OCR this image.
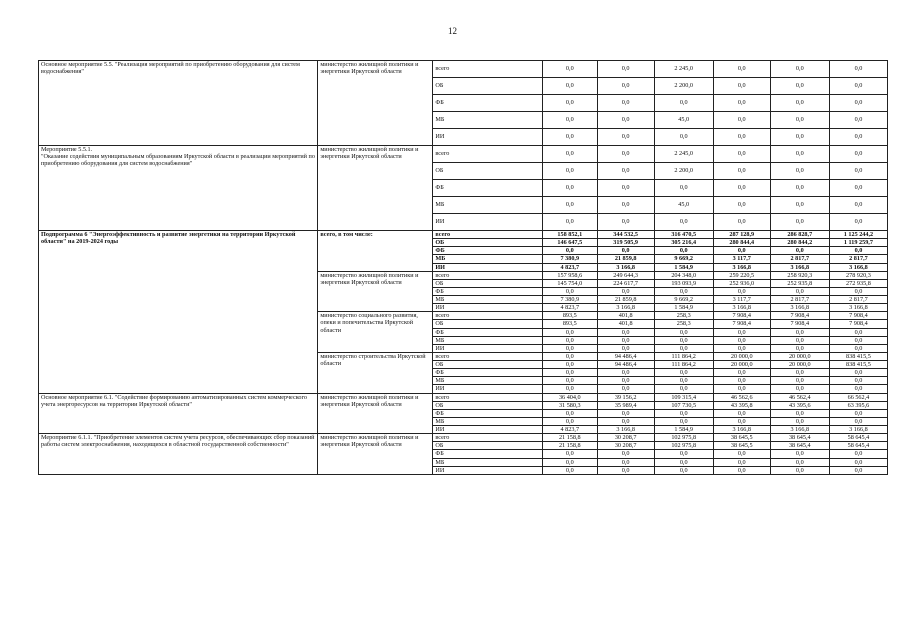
12
Основное мероприятие 5.5. "Реализация мероприятий по приобретению оборудования для систем водоснабжения"	министерство жилищной политики и энергетики Иркутской области	всего	0,0	0,0	2 245,0	0,0	0,0	0,0
		ОБ	0,0	0,0	2 200,0	0,0	0,0	0,0
		ФБ	0,0	0,0	0,0	0,0	0,0	0,0
		МБ	0,0	0,0	45,0	0,0	0,0	0,0
		ИИ	0,0	0,0	0,0	0,0	0,0	0,0
Мероприятие 5.5.1.
"Оказание содействия муниципальным образованиям Иркутской области в реализации мероприятий по приобретению оборудования для систем водоснабжения"	министерство жилищной политики и энергетики Иркутской области	всего	0,0	0,0	2 245,0	0,0	0,0	0,0
		ОБ	0,0	0,0	2 200,0	0,0	0,0	0,0
		ФБ	0,0	0,0	0,0	0,0	0,0	0,0
		МБ	0,0	0,0	45,0	0,0	0,0	0,0
		ИИ	0,0	0,0	0,0	0,0	0,0	0,0
Подпрограмма 6 "Энергоэффективность и развитие энергетики на территории Иркутской области" на 2019-2024 годы	всего, в том числе:	всего	158 852,1	344 532,5	316 470,5	287 128,9	286 828,7	1 125 244,2
		ОБ	146 647,5	319 505,9	305 216,4	280 844,4	280 844,2	1 119 259,7
		ФБ	0,0	0,0	0,0	0,0	0,0	0,0
		МБ	7 380,9	21 859,8	9 669,2	3 117,7	2 817,7	2 817,7
		ИИ	4 823,7	3 166,8	1 584,9	3 166,8	3 166,8	3 166,8
	министерство жилищной политики и энергетики Иркутской области	всего	157 958,6	249 644,3	204 348,0	259 220,5	258 920,3	278 920,3
		ОБ	145 754,0	224 617,7	193 093,9	252 936,0	252 935,8	272 935,8
		ФБ	0,0	0,0	0,0	0,0	0,0	0,0
		МБ	7 380,9	21 859,8	9 669,2	3 117,7	2 817,7	2 817,7
		ИИ	4 823,7	3 166,8	1 584,9	3 166,8	3 166,8	3 166,8
	министерство социального развития, опеки и попечительства Иркутской области	всего	893,5	401,8	258,3	7 908,4	7 908,4	7 908,4
		ОБ	893,5	401,8	258,3	7 908,4	7 908,4	7 908,4
		ФБ	0,0	0,0	0,0	0,0	0,0	0,0
		МБ	0,0	0,0	0,0	0,0	0,0	0,0
		ИИ	0,0	0,0	0,0	0,0	0,0	0,0
	министерство строительства Иркутской области	всего	0,0	94 486,4	111 864,2	20 000,0	20 000,0	838 415,5
		ОБ	0,0	94 486,4	111 864,2	20 000,0	20 000,0	838 415,5
		ФБ	0,0	0,0	0,0	0,0	0,0	0,0
		МБ	0,0	0,0	0,0	0,0	0,0	0,0
		ИИ	0,0	0,0	0,0	0,0	0,0	0,0
Основное мероприятие 6.1. "Содействие формированию автоматизированных систем коммерческого учета энергоресурсов на территории Иркутской области"	министерство жилищной политики и энергетики Иркутской области	всего	36 404,0	39 156,2	109 315,4	46 562,6	46 562,4	66 562,4
		ОБ	31 580,3	35 989,4	107 730,5	43 395,8	43 395,6	63 395,6
		ФБ	0,0	0,0	0,0	0,0	0,0	0,0
		МБ	0,0	0,0	0,0	0,0	0,0	0,0
		ИИ	4 823,7	3 166,8	1 584,9	3 166,8	3 166,8	3 166,8
Мероприятие 6.1.1. "Приобретение элементов систем учета ресурсов, обеспечивающих сбор показаний работы систем электроснабжения, находящихся в областной государственной собственности"	министерство жилищной политики и энергетики Иркутской области	всего	21 158,8	30 208,7	102 975,8	38 645,5	38 645,4	58 645,4
		ОБ	21 158,8	30 208,7	102 975,8	38 645,5	38 645,4	58 645,4
		ФБ	0,0	0,0	0,0	0,0	0,0	0,0
		МБ	0,0	0,0	0,0	0,0	0,0	0,0
		ИИ	0,0	0,0	0,0	0,0	0,0	0,0
